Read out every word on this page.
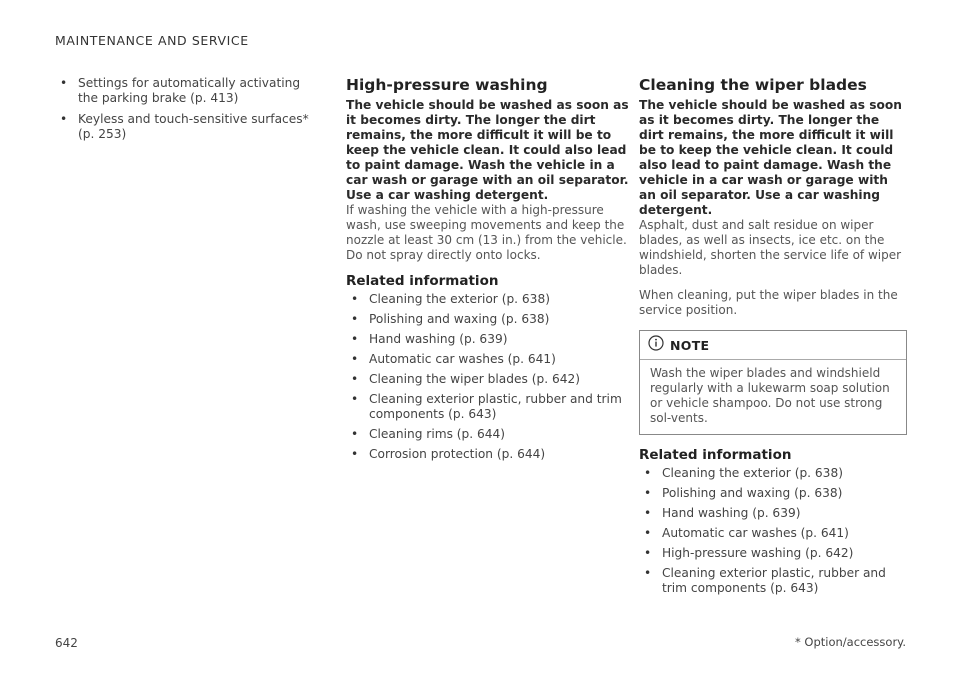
MAINTENANCE AND SERVICE
• Settings for automatically activating the parking brake (p. 413)
• Keyless and touch-sensitive surfaces* (p. 253)
High-pressure washing

The vehicle should be washed as soon as it becomes dirty. The longer the dirt remains, the more difficult it will be to keep the vehicle clean. It could also lead to paint damage. Wash the vehicle in a car wash or garage with an oil separator. Use a car washing detergent.

If washing the vehicle with a high-pressure wash, use sweeping movements and keep the nozzle at least 30 cm (13 in.) from the vehicle. Do not spray directly onto locks.

Related information
• Cleaning the exterior (p. 638)
• Polishing and waxing (p. 638)
• Hand washing (p. 639)
• Automatic car washes (p. 641)
• Cleaning the wiper blades (p. 642)
• Cleaning exterior plastic, rubber and trim components (p. 643)
• Cleaning rims (p. 644)
• Corrosion protection (p. 644)
Cleaning the wiper blades

The vehicle should be washed as soon as it becomes dirty. The longer the dirt remains, the more difficult it will be to keep the vehicle clean. It could also lead to paint damage. Wash the vehicle in a car wash or garage with an oil separator. Use a car washing detergent.

Asphalt, dust and salt residue on wiper blades, as well as insects, ice etc. on the windshield, shorten the service life of wiper blades.

When cleaning, put the wiper blades in the service position.

NOTE
Wash the wiper blades and windshield regularly with a lukewarm soap solution or vehicle shampoo. Do not use strong sol-vents.
Related information
• Cleaning the exterior (p. 638)
• Polishing and waxing (p. 638)
• Hand washing (p. 639)
• Automatic car washes (p. 641)
• High-pressure washing (p. 642)
• Cleaning exterior plastic, rubber and trim components (p. 643)
642	* Option/accessory.
